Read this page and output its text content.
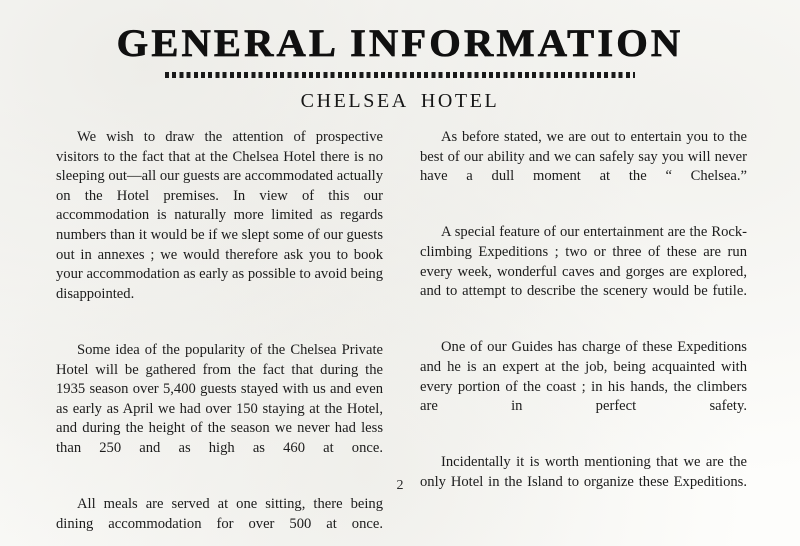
GENERAL INFORMATION
CHELSEA HOTEL

We wish to draw the attention of prospective visitors to the fact that at the Chelsea Hotel there is no sleeping out—all our guests are accommodated actually on the Hotel premises. In view of this our accommodation is naturally more limited as regards numbers than it would be if we slept some of our guests out in annexes ; we would therefore ask you to book your accommodation as early as possible to avoid being disappointed.

Some idea of the popularity of the Chelsea Private Hotel will be gathered from the fact that during the 1935 season over 5,400 guests stayed with us and even as early as April we had over 150 staying at the Hotel, and during the height of the season we never had less than 250 and as high as 460 at once.

All meals are served at one sitting, there being dining accommodation for over 500 at once.

As before stated, we are out to entertain you to the best of our ability and we can safely say you will never have a dull moment at the “ Chelsea.”

A special feature of our entertainment are the Rock-climbing Expeditions ; two or three of these are run every week, wonderful caves and gorges are explored, and to attempt to describe the scenery would be futile.

One of our Guides has charge of these Expeditions and he is an expert at the job, being acquainted with every portion of the coast ; in his hands, the climbers are in perfect safety.

Incidentally it is worth mentioning that we are the only Hotel in the Island to organize these Expeditions.

2
